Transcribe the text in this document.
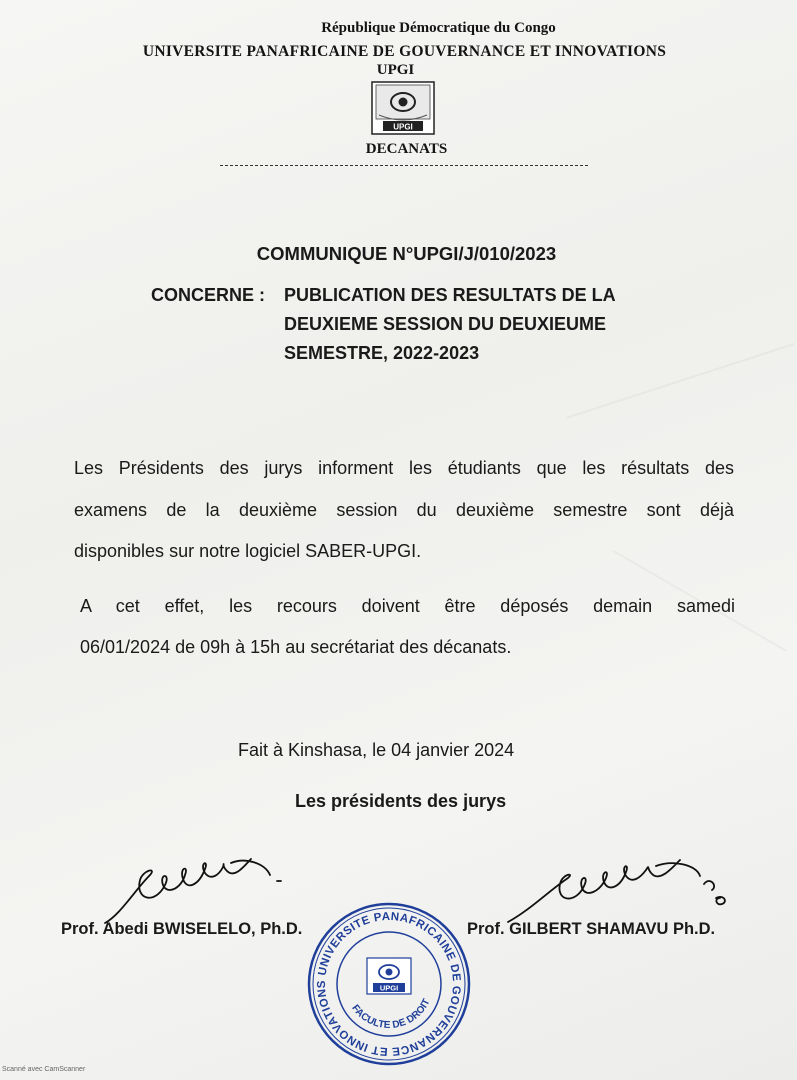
République Démocratique du Congo
UNIVERSITE PANAFRICAINE DE GOUVERNANCE ET INNOVATIONS
UPGI
UPGI
DECANATS
COMMUNIQUE N°UPGI/J/010/2023
CONCERNE : PUBLICATION DES RESULTATS DE LA
DEUXIEME SESSION DU DEUXIEUME
SEMESTRE, 2022-2023
Les Présidents des jurys informent les étudiants que les résultats des
examens de la deuxième session du deuxième semestre sont déjà
disponibles sur notre logiciel SABER-UPGI.
A cet effet, les recours doivent être déposés demain samedi
06/01/2024 de 09h à 15h au secrétariat des décanats.
Fait à Kinshasa, le 04 janvier 2024
Les présidents des jurys
Prof. Abedi BWISELELO, Ph.D.	Prof. GILBERT SHAMAVU Ph.D.
UNIVERSITE PANAFRICAINE DE GOUVERNANCE ET INNOVATIONS
FACULTE DE DROIT
UPGI
Scanné avec CamScanner
